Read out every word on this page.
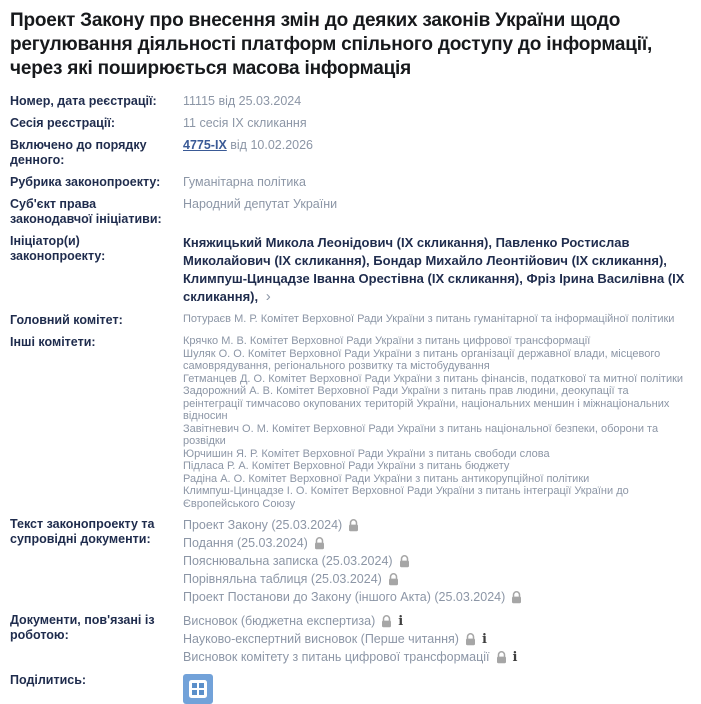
Проект Закону про внесення змін до деяких законів України щодо регулювання діяльності платформ спільного доступу до інформації, через які поширюється масова інформація
Номер, дата реєстрації:	11115 від 25.03.2024
Сесія реєстрації:	11 сесія IX скликання
Включено до порядку денного:
4775-IX від 10.02.2026
Рубрика законопроекту:	Гуманітарна політика
Суб'єкт права законодавчої ініціативи:
Народний депутат України
Ініціатор(и) законопроекту:
Княжицький Микола Леонідович (IX скликання), Павленко Ростислав Миколайович (IX скликання), Бондар Михайло Леонтійович (IX скликання), Климпуш-Цинцадзе Іванна Орестівна (IX скликання), Фріз Ірина Василівна (IX скликання), ›
Головний комітет:	Потураєв М. Р. Комітет Верховної Ради України з питань гуманітарної та інформаційної політики
Інші комітети:	Крячко М. В. Комітет Верховної Ради України з питань цифрової трансформації
Шуляк О. О. Комітет Верховної Ради України з питань організації державної влади, місцевого самоврядування, регіонального розвитку та містобудування
Гетманцев Д. О. Комітет Верховної Ради України з питань фінансів, податкової та митної політики
Задорожний А. В. Комітет Верховної Ради України з питань прав людини, деокупації та реінтеграції тимчасово окупованих територій України, національних меншин і міжнаціональних відносин
Завітневич О. М. Комітет Верховної Ради України з питань національної безпеки, оборони та розвідки
Юрчишин Я. Р. Комітет Верховної Ради України з питань свободи слова
Підласа Р. А. Комітет Верховної Ради України з питань бюджету
Радіна А. О. Комітет Верховної Ради України з питань антикорупційної політики
Климпуш-Цинцадзе І. О. Комітет Верховної Ради України з питань інтеграції України до Європейського Союзу
Текст законопроекту та супровідні документи:
Проект Закону (25.03.2024)
Подання (25.03.2024)
Пояснювальна записка (25.03.2024)
Порівняльна таблиця (25.03.2024)
Проект Постанови до Закону (іншого Акта) (25.03.2024)
Документи, пов'язані із роботою:
Висновок (бюджетна експертиза) i
Науково-експертний висновок (Перше читання) i
Висновок комітету з питань цифрової трансформації i
Поділитись:
